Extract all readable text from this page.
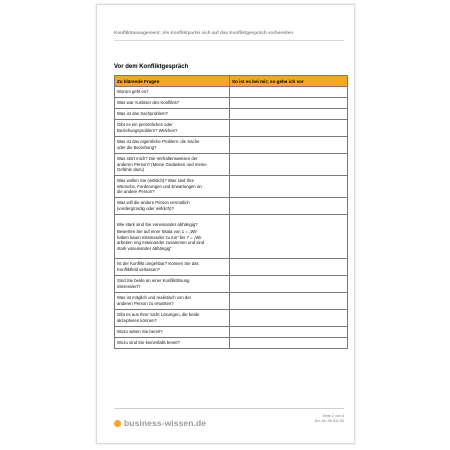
Konfliktmanagement: Als Konfliktpartei sich auf das Konfliktgespräch vorbereiten
Vor dem Konfliktgespräch
Zu klärende Fragen	So ist es bei mir; so gehe ich vor

Worum geht es?	

Was war Auslöser des Konflikts?	

Was ist das Sachproblem?	

Gibt es ein persönliches oder
Beziehungsproblem? Welches?	

Was ist das eigentliche Problem: die Sache
oder die Beziehung?	

Was stört mich? Die Verhaltensweisen der
anderen Person? (Meine Gedanken und meine
Gefühle dazu)	

Was wollen Sie (wirklich)? Was sind Ihre
Wünsche, Forderungen und Erwartungen an
die andere Person?	

Was will die andere Person vermutlich
(vordergründig oder wirklich)?	

Wie stark sind Sie voneinander abhängig?
Bewerten Sie auf einer Skala von 1 = „Wir
haben kaum miteinander zu tun“ bis 7 = „Wir
arbeiten eng miteinander zusammen und sind
stark voneinander abhängig“	

Ist der Konflikt umgehbar? Können Sie das
Konfliktfeld verlassen?	

Sind Sie beide an einer Konfliktlösung
interessiert?	

Was ist möglich und realistisch von der
anderen Person zu erwarten?	

Gibt es aus Ihrer Sicht Lösungen, die beide
akzeptieren können?	

Wozu wären Sie bereit?	

Wozu sind Sie keinesfalls bereit?	

business-wissen.de
Seite 2 von 4
Art.-Nr. 06.031.03
